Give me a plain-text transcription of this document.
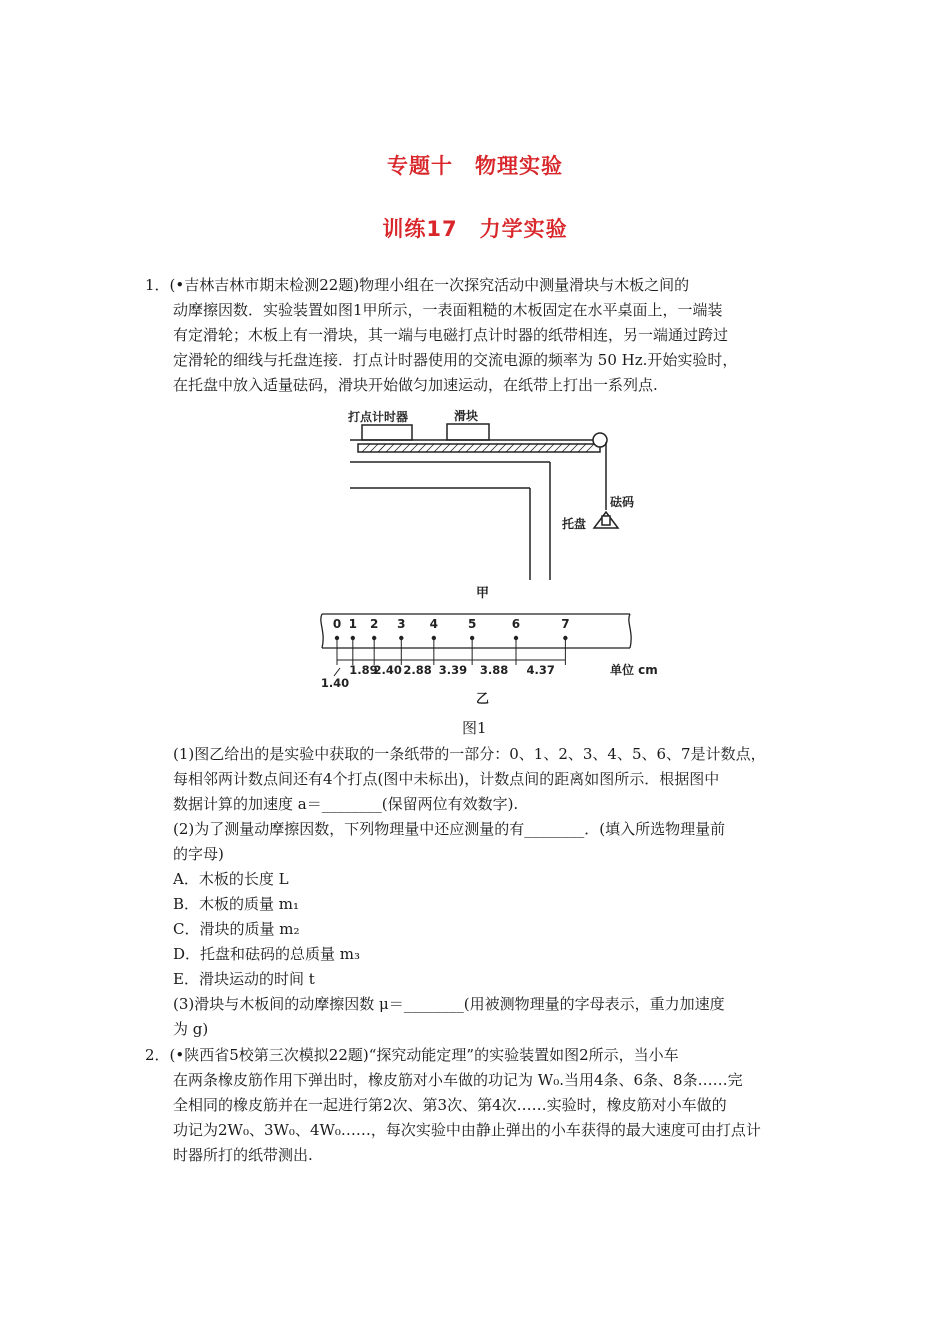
专题十　物理实验
训练17　力学实验
1．(•吉林吉林市期末检测22题)物理小组在一次探究活动中测量滑块与木板之间的
动摩擦因数．实验装置如图1甲所示，一表面粗糙的木板固定在水平桌面上，一端装
有定滑轮；木板上有一滑块，其一端与电磁打点计时器的纸带相连，另一端通过跨过
定滑轮的细线与托盘连接．打点计时器使用的交流电源的频率为 50 Hz.开始实验时，
在托盘中放入适量砝码，滑块开始做匀加速运动，在纸带上打出一系列点.
打点计时器	滑块
砝码
托盘
甲
0 1 2 3 4 5	6	7
1.40
1.89
2.40 2.88 3.39 3.88 4.37	单位 cm
乙
图1
(1)图乙给出的是实验中获取的一条纸带的一部分：0、1、2、3、4、5、6、7是计数点，
每相邻两计数点间还有4个打点(图中未标出)，计数点间的距离如图所示．根据图中
数据计算的加速度 a＝________(保留两位有效数字).
(2)为了测量动摩擦因数，下列物理量中还应测量的有________．(填入所选物理量前
的字母)
A．木板的长度 L
B．木板的质量 m₁
C．滑块的质量 m₂
D．托盘和砝码的总质量 m₃
E．滑块运动的时间 t
(3)滑块与木板间的动摩擦因数 μ＝________(用被测物理量的字母表示，重力加速度
为 g)
2．(•陕西省5校第三次模拟22题)“探究动能定理”的实验装置如图2所示，当小车
在两条橡皮筋作用下弹出时，橡皮筋对小车做的功记为 W₀.当用4条、6条、8条……完
全相同的橡皮筋并在一起进行第2次、第3次、第4次……实验时，橡皮筋对小车做的
功记为2W₀、3W₀、4W₀……，每次实验中由静止弹出的小车获得的最大速度可由打点计
时器所打的纸带测出.
